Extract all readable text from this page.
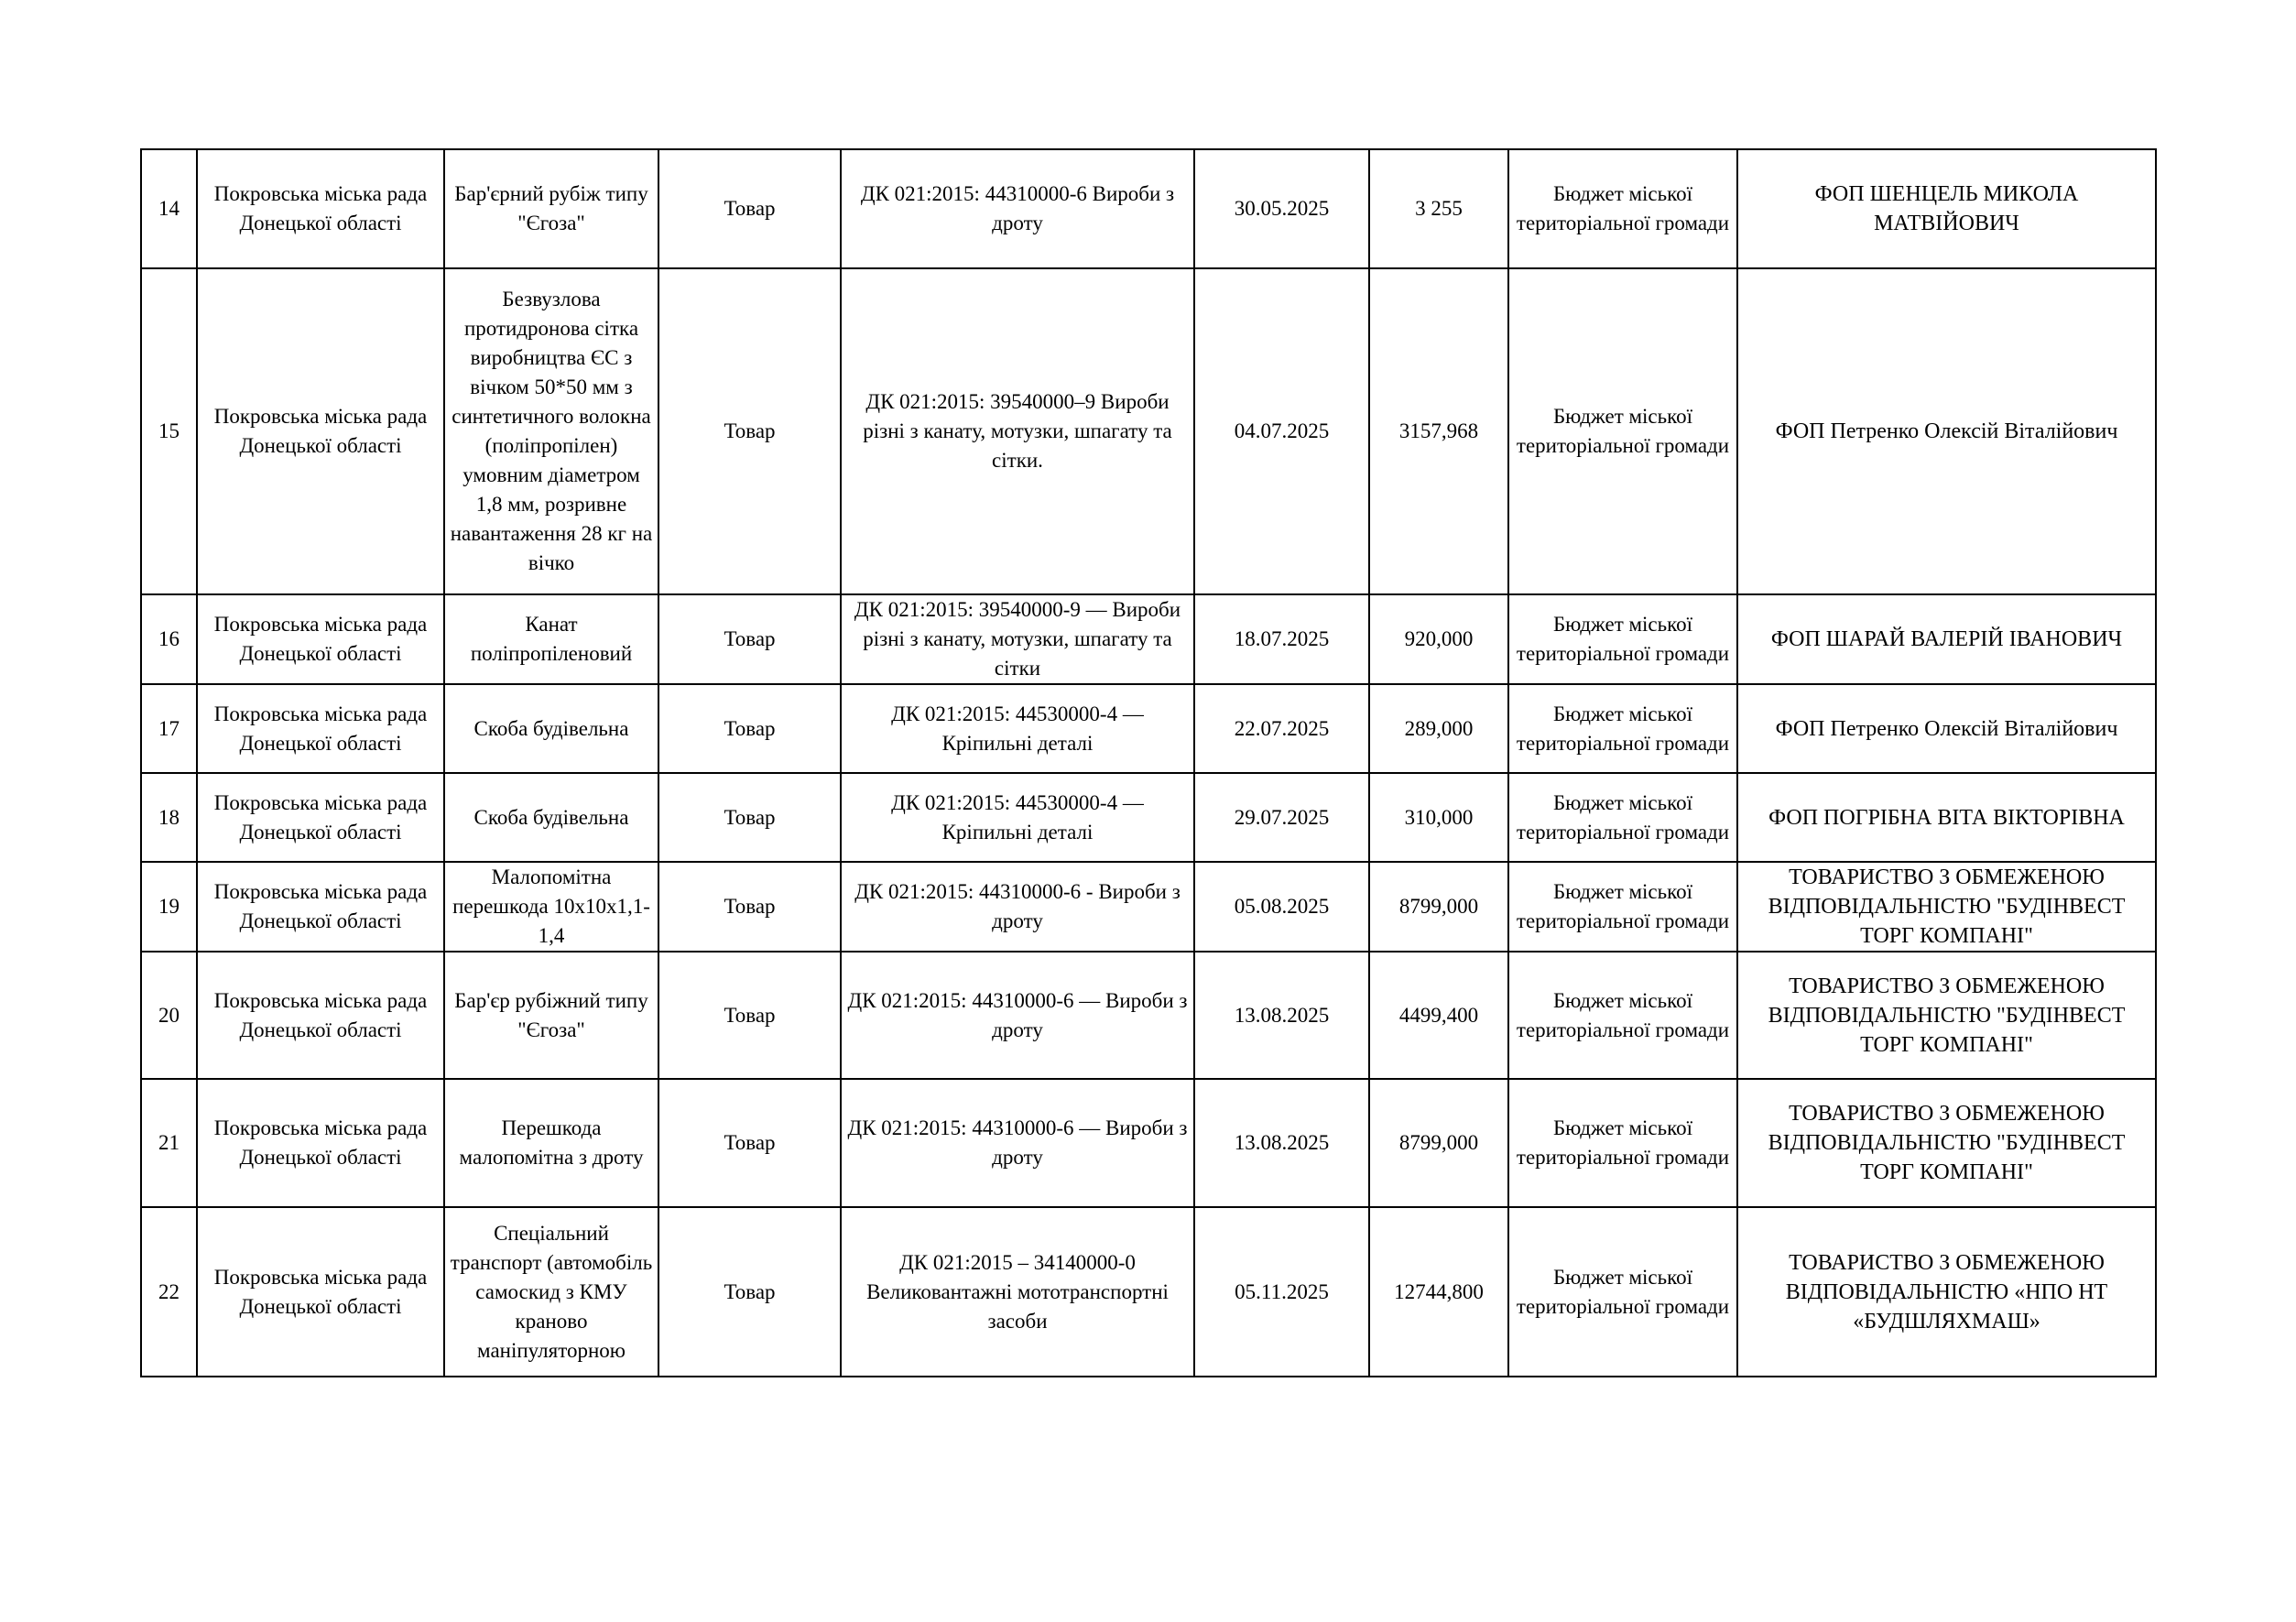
14	Покровська міська рада Донецької області	Бар'єрний рубіж типу "Єгоза"	Товар	ДК 021:2015: 44310000-6 Вироби з дроту	30.05.2025	3 255	Бюджет міської територіальної громади	ФОП ШЕНЦЕЛЬ МИКОЛА МАТВІЙОВИЧ
15	Покровська міська рада Донецької області	Безвузлова протидронова сітка виробництва ЄС з вічком 50*50 мм з синтетичного волокна (поліпропілен) умовним діаметром 1,8 мм, розривне навантаження 28 кг на вічко	Товар	ДК 021:2015: 39540000–9 Вироби різні з канату, мотузки, шпагату та сітки.	04.07.2025	3157,968	Бюджет міської територіальної громади	ФОП Петренко Олексій Віталійович
16	Покровська міська рада Донецької області	Канат поліпропіленовий	Товар	ДК 021:2015: 39540000-9 — Вироби різні з канату, мотузки, шпагату та сітки	18.07.2025	920,000	Бюджет міської територіальної громади	ФОП ШАРАЙ ВАЛЕРІЙ ІВАНОВИЧ
17	Покровська міська рада Донецької області	Скоба будівельна	Товар	ДК 021:2015: 44530000-4 — Кріпильні деталі	22.07.2025	289,000	Бюджет міської територіальної громади	ФОП Петренко Олексій Віталійович
18	Покровська міська рада Донецької області	Скоба будівельна	Товар	ДК 021:2015: 44530000-4 — Кріпильні деталі	29.07.2025	310,000	Бюджет міської територіальної громади	ФОП ПОГРІБНА ВІТА ВІКТОРІВНА
19	Покровська міська рада Донецької області	Малопомітна перешкода 10х10х1,1-1,4	Товар	ДК 021:2015: 44310000-6 - Вироби з дроту	05.08.2025	8799,000	Бюджет міської територіальної громади	ТОВАРИСТВО З ОБМЕЖЕНОЮ ВІДПОВІДАЛЬНІСТЮ "БУДІНВЕСТ ТОРГ КОМПАНІ"
20	Покровська міська рада Донецької області	Бар'єр рубіжний типу "Єгоза"	Товар	ДК 021:2015: 44310000-6 — Вироби з дроту	13.08.2025	4499,400	Бюджет міської територіальної громади	ТОВАРИСТВО З ОБМЕЖЕНОЮ ВІДПОВІДАЛЬНІСТЮ "БУДІНВЕСТ ТОРГ КОМПАНІ"
21	Покровська міська рада Донецької області	Перешкода малопомітна з дроту	Товар	ДК 021:2015: 44310000-6 — Вироби з дроту	13.08.2025	8799,000	Бюджет міської територіальної громади	ТОВАРИСТВО З ОБМЕЖЕНОЮ ВІДПОВІДАЛЬНІСТЮ "БУДІНВЕСТ ТОРГ КОМПАНІ"
22	Покровська міська рада Донецької області	Спеціальний транспорт (автомобіль самоскид з КМУ краново маніпуляторною	Товар	ДК 021:2015 – 34140000-0 Великовантажні мототранспортні засоби	05.11.2025	12744,800	Бюджет міської територіальної громади	ТОВАРИСТВО З ОБМЕЖЕНОЮ ВІДПОВІДАЛЬНІСТЮ «НПО НТ «БУДШЛЯХМАШ»
